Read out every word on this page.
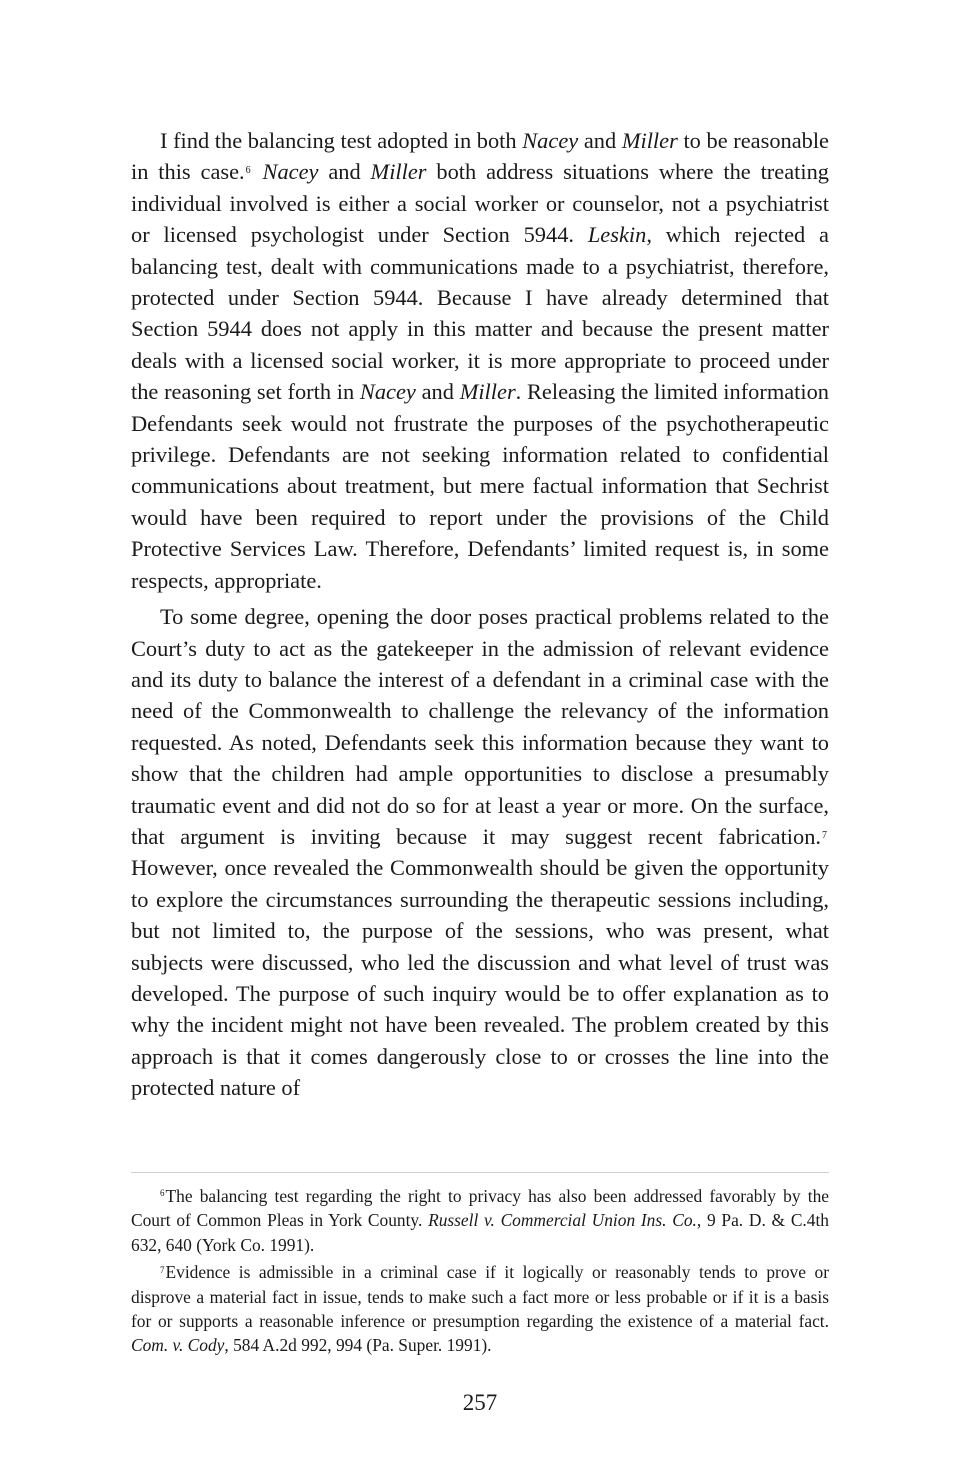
I find the balancing test adopted in both Nacey and Miller to be reasonable in this case.$^6$ Nacey and Miller both address situations where the treating individual involved is either a social worker or counselor, not a psychiatrist or licensed psychologist under Section 5944. Leskin, which rejected a balancing test, dealt with communications made to a psychiatrist, therefore, protected under Section 5944. Because I have already determined that Section 5944 does not apply in this matter and because the present matter deals with a licensed social worker, it is more appropriate to proceed under the reasoning set forth in Nacey and Miller. Releasing the limited information Defendants seek would not frustrate the purposes of the psychotherapeutic privilege. Defendants are not seeking information related to confidential communications about treatment, but mere factual information that Sechrist would have been required to report under the provisions of the Child Protective Services Law. Therefore, Defendants’ limited request is, in some respects, appropriate.

To some degree, opening the door poses practical problems related to the Court’s duty to act as the gatekeeper in the admission of relevant evidence and its duty to balance the interest of a defendant in a criminal case with the need of the Commonwealth to challenge the relevancy of the information requested. As noted, Defendants seek this information because they want to show that the children had ample opportunities to disclose a presumably traumatic event and did not do so for at least a year or more. On the surface, that argument is inviting because it may suggest recent fabrication.$^7$ However, once revealed the Commonwealth should be given the opportunity to explore the circumstances surrounding the therapeutic sessions including, but not limited to, the purpose of the sessions, who was present, what subjects were discussed, who led the discussion and what level of trust was developed. The purpose of such inquiry would be to offer explanation as to why the incident might not have been revealed. The problem created by this approach is that it comes dangerously close to or crosses the line into the protected nature of

$^6$The balancing test regarding the right to privacy has also been addressed favorably by the Court of Common Pleas in York County. Russell v. Commercial Union Ins. Co., 9 Pa. D. & C.4th 632, 640 (York Co. 1991).

$^7$Evidence is admissible in a criminal case if it logically or reasonably tends to prove or disprove a material fact in issue, tends to make such a fact more or less probable or if it is a basis for or supports a reasonable inference or presumption regarding the existence of a material fact. Com. v. Cody, 584 A.2d 992, 994 (Pa. Super. 1991).

257
